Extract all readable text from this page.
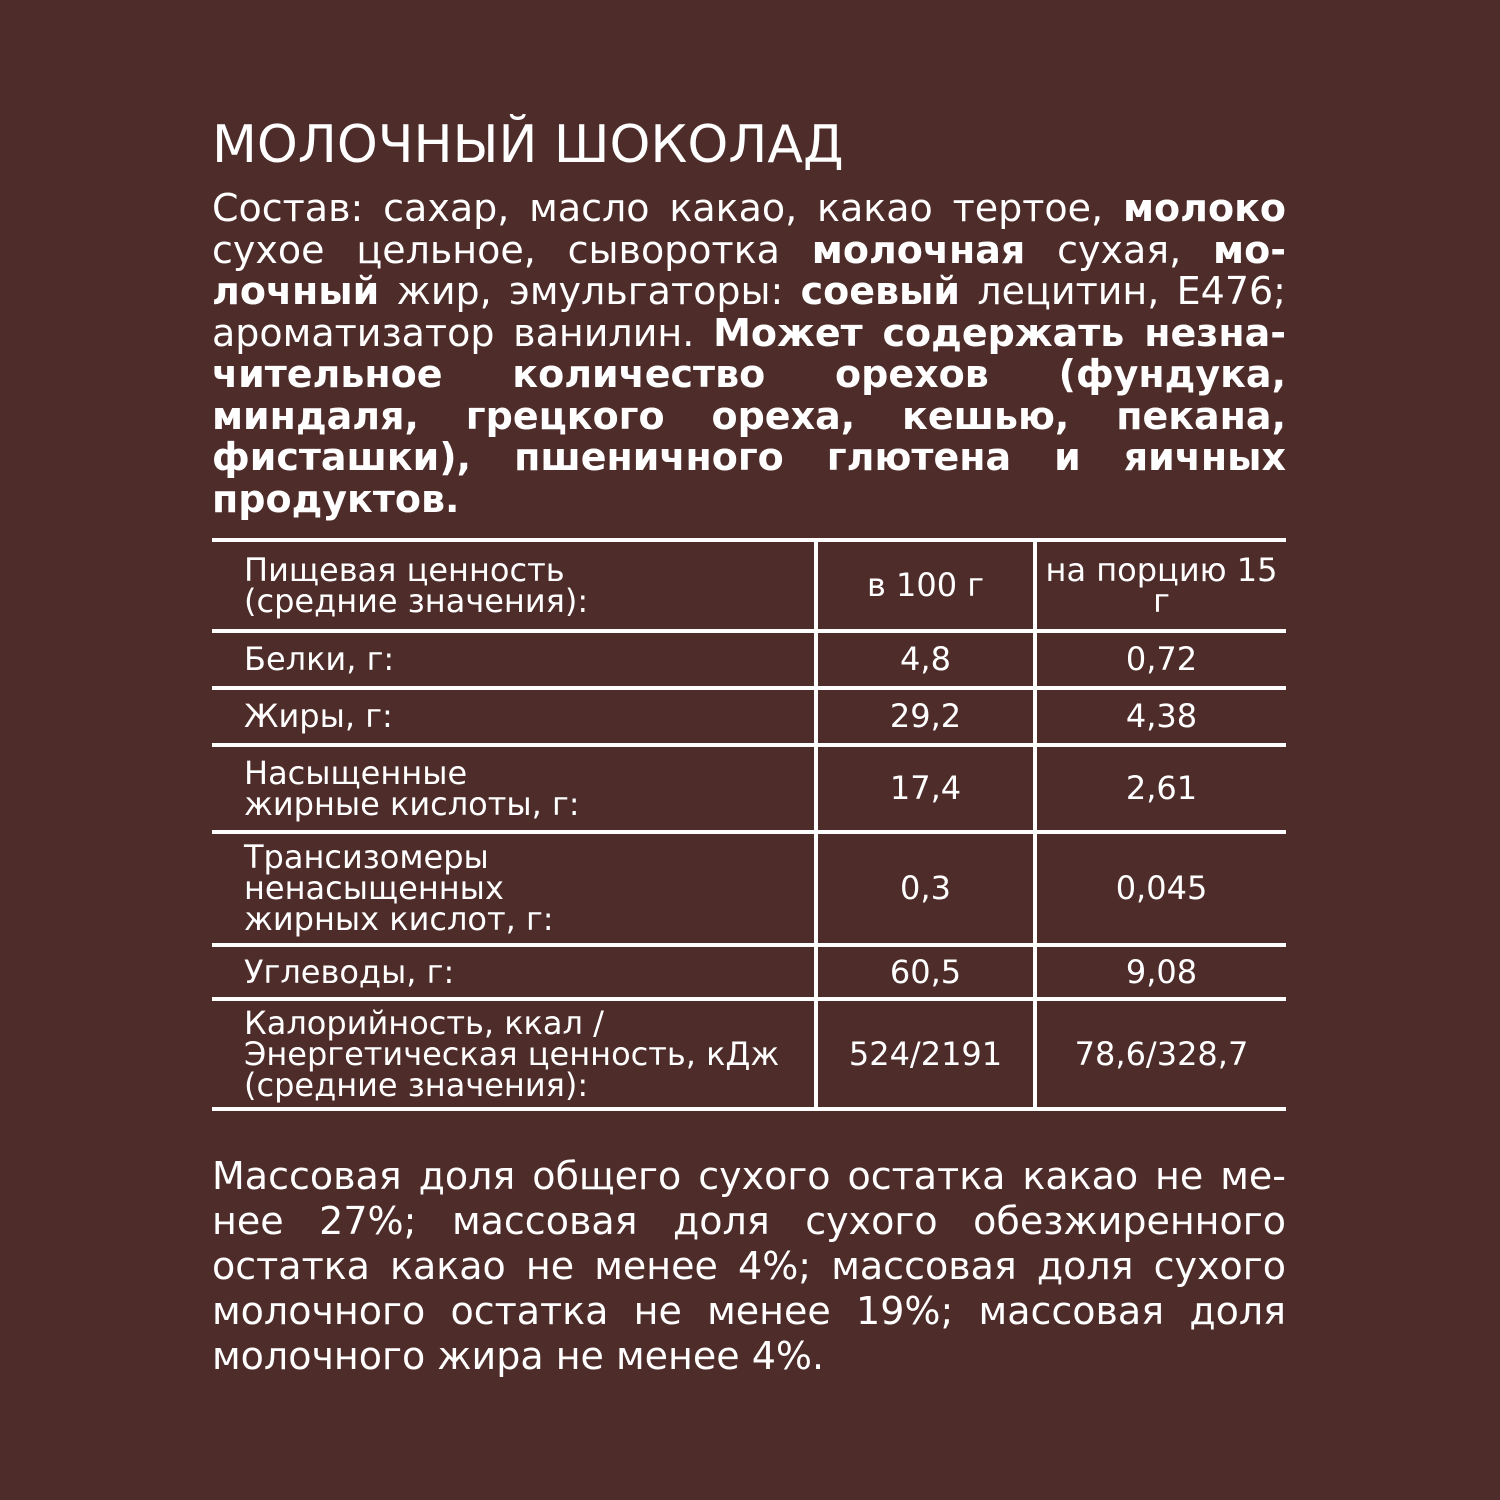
МОЛОЧНЫЙ ШОКОЛАД

Состав: сахар, масло какао, какао тертое, молоко сухое цельное, сыворотка молочная сухая, молочный жир, эмульгаторы: соевый лецитин, Е476; ароматизатор ванилин. Может содержать незначительное количество орехов (фундука, миндаля, грецкого ореха, кешью, пекана, фисташки), пшеничного глютена и яичных продуктов.

Пищевая ценность
(средние значения):	в 100 г	на порцию 15 г
Белки, г:	4,8	0,72
Жиры, г:	29,2	4,38
Насыщенные
жирные кислоты, г:	17,4	2,61
Трансизомеры
ненасыщенных
жирных кислот, г:	0,3	0,045
Углеводы, г:	60,5	9,08
Калорийность, ккал /
Энергетическая ценность, кДж
(средние значения):	524/2191	78,6/328,7

Массовая доля общего сухого остатка какао не менее 27%; массовая доля сухого обезжиренного остатка какао не менее 4%; массовая доля сухого молочного остатка не менее 19%; массовая доля молочного жира не менее 4%.
